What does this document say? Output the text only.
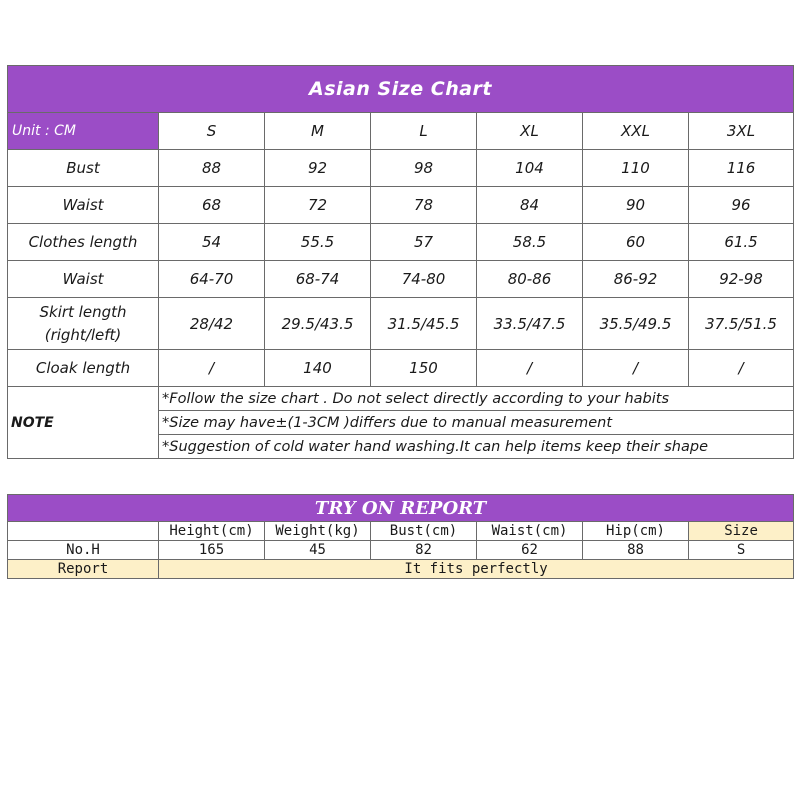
Asian Size Chart						
Unit : CM	S	M	L	XL	XXL	3XL
Bust	88	92	98	104	110	116
Waist	68	72	78	84	90	96
Clothes length	54	55.5	57	58.5	60	61.5
Waist	64-70	68-74	74-80	80-86	86-92	92-98
Skirt length (right/left)	28/42	29.5/43.5	31.5/45.5	33.5/47.5	35.5/49.5	37.5/51.5
Cloak length	/	140	150	/	/	/
NOTE	*Follow the size chart . Do not select directly according to your habits					
	*Size may have±(1-3CM )differs due to manual measurement					
	*Suggestion of cold water hand washing.It can help items keep their shape					
TRY ON REPORT						
	Height(cm)	Weight(kg)	Bust(cm)	Waist(cm)	Hip(cm)	Size
No.H	165	45	82	62	88	S
Report	It fits perfectly					
